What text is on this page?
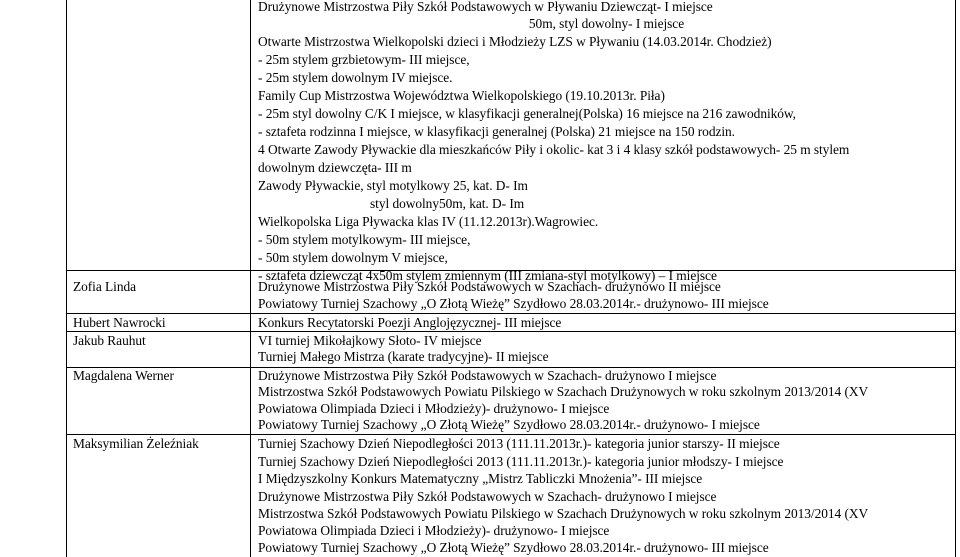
Zofia Linda
Hubert Nawrocki
Jakub Rauhut
Magdalena Werner
Maksymilian Żeleźniak
Drużynowe Mistrzostwa Piły Szkół Podstawowych w Pływaniu Dziewcząt- I miejsce
50m, styl dowolny- I miejsce
Otwarte Mistrzostwa Wielkopolski dzieci i Młodzieży LZS w Pływaniu (14.03.2014r. Chodzież)
- 25m stylem grzbietowym- III miejsce,
- 25m stylem dowolnym IV miejsce.
Family Cup Mistrzostwa Województwa Wielkopolskiego (19.10.2013r. Piła)
- 25m styl dowolny C/K I miejsce, w klasyfikacji generalnej(Polska) 16 miejsce na 216 zawodników,
- sztafeta rodzinna I miejsce, w klasyfikacji generalnej (Polska) 21 miejsce na 150 rodzin.
4 Otwarte Zawody Pływackie dla mieszkańców Piły i okolic- kat 3 i 4 klasy szkół podstawowych- 25 m stylem
dowolnym dziewczęta- III m
Zawody Pływackie, styl motylkowy 25, kat. D- Im
styl dowolny50m, kat. D- Im
Wielkopolska Liga Pływacka klas IV (11.12.2013r).Wagrowiec.
- 50m stylem motylkowym- III miejsce,
- 50m stylem dowolnym V miejsce,
- sztafeta dziewcząt 4x50m stylem zmiennym (III zmiana-styl motylkowy) – I miejsce
Drużynowe Mistrzostwa Piły Szkół Podstawowych w Szachach- drużynowo II miejsce
Powiatowy Turniej Szachowy „O Złotą Wieżę” Szydłowo 28.03.2014r.- drużynowo- III miejsce
Konkurs Recytatorski Poezji Anglojęzycznej- III miejsce
VI turniej Mikołajkowy Słoto- IV miejsce
Turniej Małego Mistrza (karate tradycyjne)- II miejsce
Drużynowe Mistrzostwa Piły Szkół Podstawowych w Szachach- drużynowo I miejsce
Mistrzostwa Szkół Podstawowych Powiatu Pilskiego w Szachach Drużynowych w roku szkolnym 2013/2014 (XV
Powiatowa Olimpiada Dzieci i Młodzieży)- drużynowo- I miejsce
Powiatowy Turniej Szachowy „O Złotą Wieżę” Szydłowo 28.03.2014r.- drużynowo- I miejsce
Turniej Szachowy Dzień Niepodległości 2013 (111.11.2013r.)- kategoria junior starszy- II miejsce
Turniej Szachowy Dzień Niepodległości 2013 (111.11.2013r.)- kategoria junior młodszy- I miejsce
I Międzyszkolny Konkurs Matematyczny „Mistrz Tabliczki Mnożenia”- III miejsce
Drużynowe Mistrzostwa Piły Szkół Podstawowych w Szachach- drużynowo I miejsce
Mistrzostwa Szkół Podstawowych Powiatu Pilskiego w Szachach Drużynowych w roku szkolnym 2013/2014 (XV
Powiatowa Olimpiada Dzieci i Młodzieży)- drużynowo- I miejsce
Powiatowy Turniej Szachowy „O Złotą Wieżę” Szydłowo 28.03.2014r.- drużynowo- III miejsce
